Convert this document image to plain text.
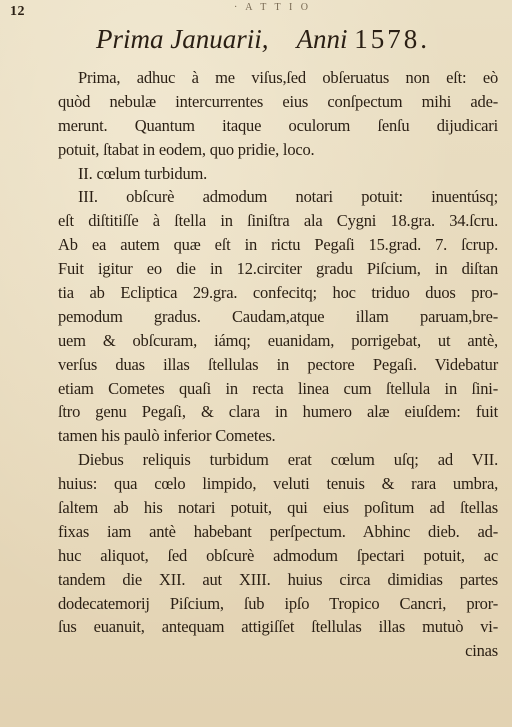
12	· A T T I O
Prima Januarii, Anni 1578.
Prima, adhuc à me viſus,ſed obſeruatus non eſt: eò
quòd nebulæ intercurrentes eius conſpectum mihi ade-
merunt. Quantum itaque oculorum ſenſu dijudicari
potuit, ſtabat in eodem, quo pridie, loco.
II. cœlum turbidum.
III. obſcurè admodum notari potuit: inuentúsq;
eſt diſtitiſſe à ſtella in ſiniſtra ala Cygni 18.gra. 34.ſcru.
Ab ea autem quæ eſt in rictu Pegaſi 15.grad. 7. ſcrup.
Fuit igitur eo die in 12.circiter gradu Piſcium, in diſtan
tia ab Ecliptica 29.gra. confecitq; hoc triduo duos pro-
pemodum gradus. Caudam,atque illam paruam,bre-
uem & obſcuram, iámq; euanidam, porrigebat, ut antè,
verſus duas illas ſtellulas in pectore Pegaſi. Videbatur
etiam Cometes quaſi in recta linea cum ſtellula in ſini-
ſtro genu Pegaſi, & clara in humero alæ eiuſdem: fuit
tamen his paulò inferior Cometes.
Diebus reliquis turbidum erat cœlum uſq; ad VII.
huius: qua cœlo limpido, veluti tenuis & rara umbra,
ſaltem ab his notari potuit, qui eius poſitum ad ſtellas
fixas iam antè habebant perſpectum. Abhinc dieb. ad-
huc aliquot, ſed obſcurè admodum ſpectari potuit, ac
tandem die XII. aut XIII. huius circa dimidias partes
dodecatemorij Piſcium, ſub ipſo Tropico Cancri, pror-
ſus euanuit, antequam attigiſſet ſtellulas illas mutuò vi-
cinas
